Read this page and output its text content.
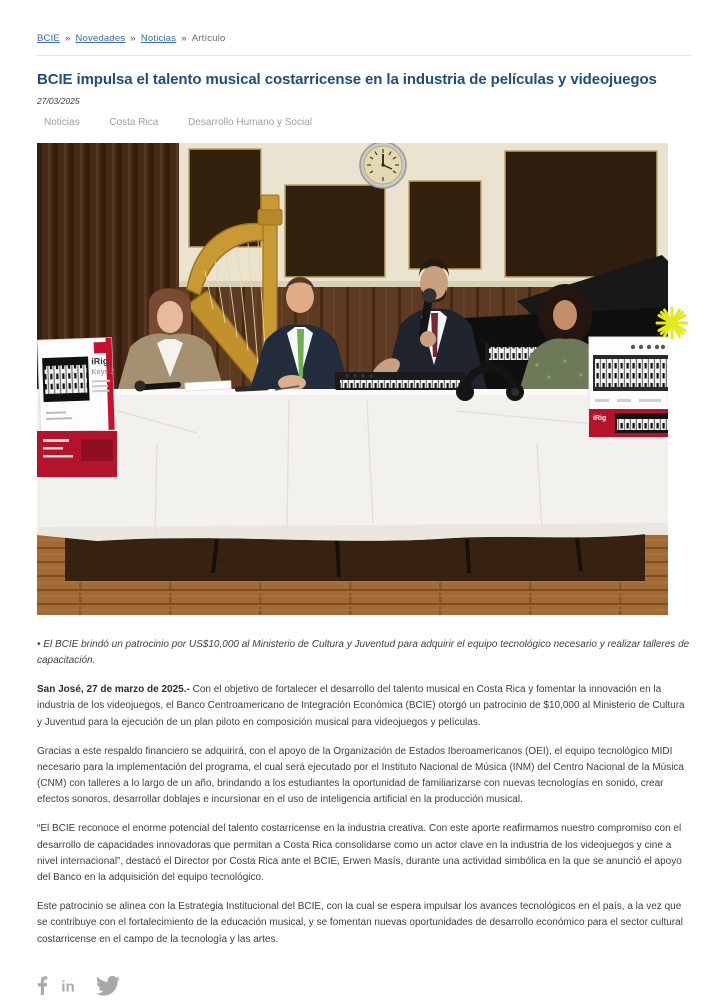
BCIE » Novedades » Noticias » Artículo
BCIE impulsa el talento musical costarricense en la industria de películas y videojuegos
27/03/2025
Noticias	Costa Rica	Desarrollo Humano y Social
iRig
Keys 2
iRig
• El BCIE brindó un patrocinio por US$10,000 al Ministerio de Cultura y Juventud para adquirir el equipo tecnológico necesario y realizar talleres de capacitación.

San José, 27 de marzo de 2025.- Con el objetivo de fortalecer el desarrollo del talento musical en Costa Rica y fomentar la innovación en la industria de los videojuegos, el Banco Centroamericano de Integración Económica (BCIE) otorgó un patrocinio de $10,000 al Ministerio de Cultura y Juventud para la ejecución de un plan piloto en composición musical para videojuegos y películas.

Gracias a este respaldo financiero se adquirirá, con el apoyo de la Organización de Estados Iberoamericanos (OEI), el equipo tecnológico MIDI necesario para la implementación del programa, el cual será ejecutado por el Instituto Nacional de Música (INM) del Centro Nacional de la Música (CNM) con talleres a lo largo de un año, brindando a los estudiantes la oportunidad de familiarizarse con nuevas tecnologías en sonido, crear efectos sonoros, desarrollar doblajes e incursionar en el uso de inteligencia artificial en la producción musical.

“El BCIE reconoce el enorme potencial del talento costarricense en la industria creativa. Con este aporte reafirmamos nuestro compromiso con el desarrollo de capacidades innovadoras que permitan a Costa Rica consolidarse como un actor clave en la industria de los videojuegos y cine a nivel internacional”, destacó el Director por Costa Rica ante el BCIE, Erwen Masís, durante una actividad simbólica en la que se anunció el apoyo del Banco en la adquisición del equipo tecnológico.

Este patrocinio se alinea con la Estrategia Institucional del BCIE, con la cual se espera impulsar los avances tecnológicos en el país, a la vez que se contribuye con el fortalecimiento de la educación musical, y se fomentan nuevas oportunidades de desarrollo económico para el sector cultural costarricense en el campo de la tecnología y las artes.

in
